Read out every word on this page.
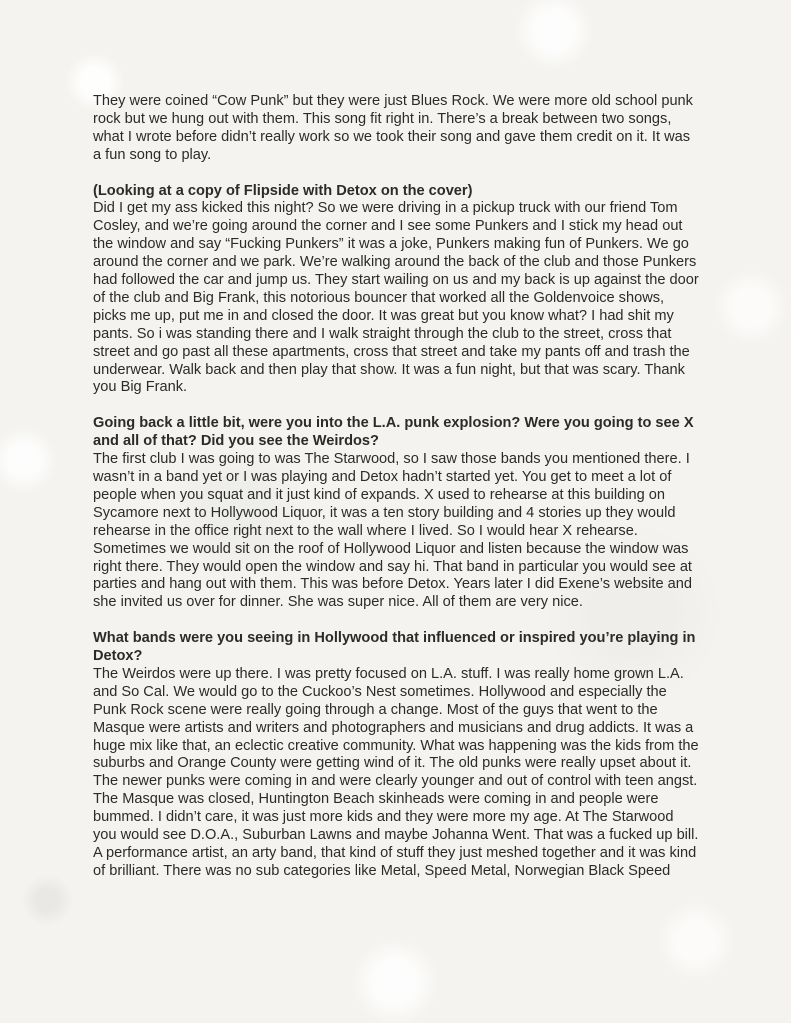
They were coined “Cow Punk” but they were just Blues Rock. We were more old school punk rock but we hung out with them. This song fit right in. There’s a break between two songs, what I wrote before didn’t really work so we took their song and gave them credit on it. It was a fun song to play.

(Looking at a copy of Flipside with Detox on the cover)
Did I get my ass kicked this night? So we were driving in a pickup truck with our friend Tom Cosley, and we’re going around the corner and I see some Punkers and I stick my head out the window and say “Fucking Punkers” it was a joke, Punkers making fun of Punkers. We go around the corner and we park. We’re walking around the back of the club and those Punkers had followed the car and jump us. They start wailing on us and my back is up against the door of the club and Big Frank, this notorious bouncer that worked all the Goldenvoice shows, picks me up, put me in and closed the door. It was great but you know what? I had shit my pants. So i was standing there and I walk straight through the club to the street, cross that street and go past all these apartments, cross that street and take my pants off and trash the underwear. Walk back and then play that show. It was a fun night, but that was scary. Thank you Big Frank.

Going back a little bit, were you into the L.A. punk explosion? Were you going to see X and all of that? Did you see the Weirdos?
The first club I was going to was The Starwood, so I saw those bands you mentioned there. I wasn’t in a band yet or I was playing and Detox hadn’t started yet. You get to meet a lot of people when you squat and it just kind of expands. X used to rehearse at this building on Sycamore next to Hollywood Liquor, it was a ten story building and 4 stories up they would rehearse in the office right next to the wall where I lived. So I would hear X rehearse. Sometimes we would sit on the roof of Hollywood Liquor and listen because the window was right there. They would open the window and say hi. That band in particular you would see at parties and hang out with them. This was before Detox. Years later I did Exene’s website and she invited us over for dinner. She was super nice. All of them are very nice.

What bands were you seeing in Hollywood that influenced or inspired you’re playing in Detox?
The Weirdos were up there. I was pretty focused on L.A. stuff. I was really home grown L.A. and So Cal. We would go to the Cuckoo’s Nest sometimes. Hollywood and especially the Punk Rock scene were really going through a change. Most of the guys that went to the Masque were artists and writers and photographers and musicians and drug addicts. It was a huge mix like that, an eclectic creative community. What was happening was the kids from the suburbs and Orange County were getting wind of it. The old punks were really upset about it. The newer punks were coming in and were clearly younger and out of control with teen angst. The Masque was closed, Huntington Beach skinheads were coming in and people were bummed. I didn’t care, it was just more kids and they were more my age. At The Starwood you would see D.O.A., Suburban Lawns and maybe Johanna Went. That was a fucked up bill. A performance artist, an arty band, that kind of stuff they just meshed together and it was kind of brilliant. There was no sub categories like Metal, Speed Metal, Norwegian Black Speed
